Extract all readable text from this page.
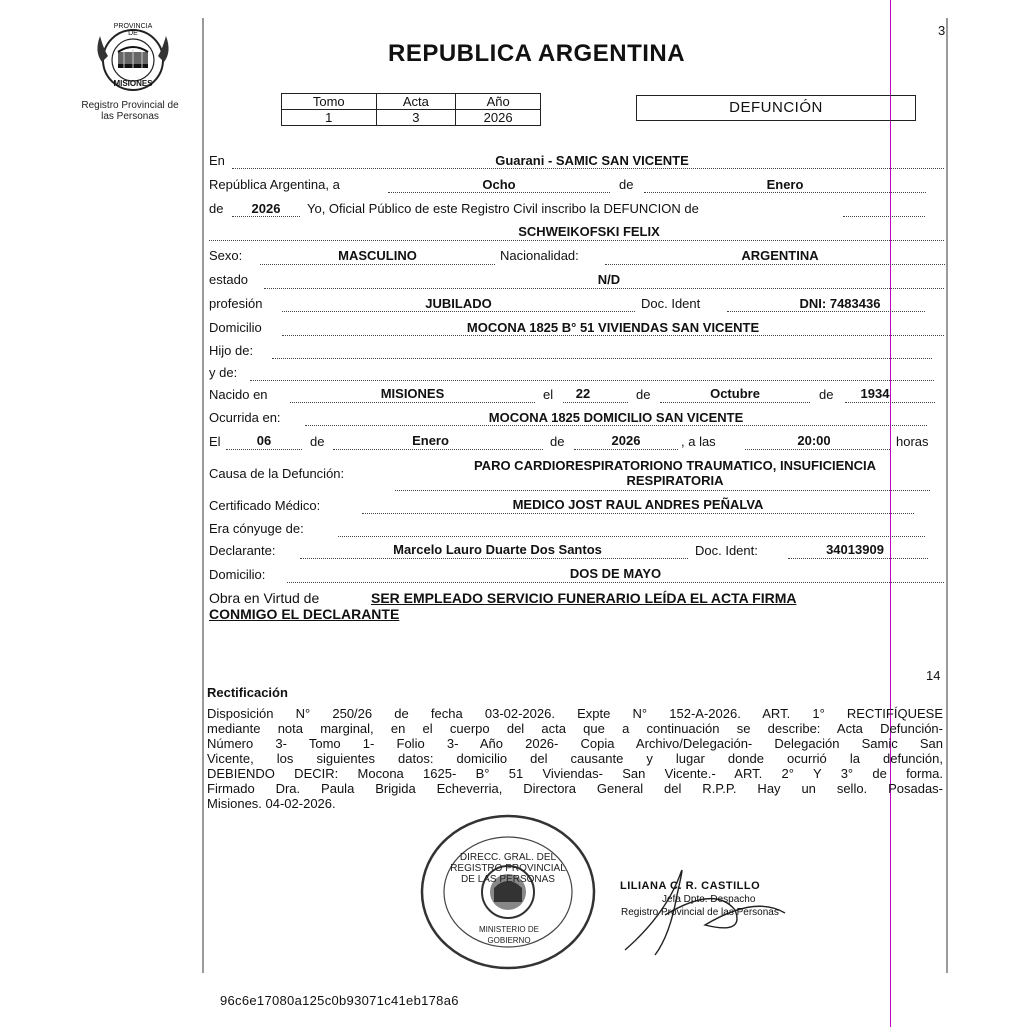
3
PROVINCIA DE
MISIONES
Registro Provincial de
las Personas
REPUBLICA ARGENTINA
Tomo	Acta	Año
1	3	2026
DEFUNCIÓN
En	Guarani - SAMIC SAN VICENTE
República Argentina, a	Ocho	de	Enero
de	2026	Yo, Oficial Público de este Registro Civil inscribo la DEFUNCION de
SCHWEIKOFSKI FELIX
Sexo:	MASCULINO	Nacionalidad:	ARGENTINA
estado	N/D
profesión	JUBILADO	Doc. Ident	DNI: 7483436
Domicilio	MOCONA 1825 B° 51 VIVIENDAS SAN VICENTE
Hijo de:
y de:
Nacido en	MISIONES	el	22	de	Octubre	de	1934
Ocurrida en:	MOCONA 1825 DOMICILIO SAN VICENTE
El	06	de	Enero	de	2026	, a las	20:00	horas
Causa de la Defunción:
PARO CARDIORESPIRATORIONO TRAUMATICO, INSUFICIENCIA
RESPIRATORIA
Certificado Médico:	MEDICO JOST RAUL ANDRES PEÑALVA
Era cónyuge de:
Declarante:	Marcelo Lauro Duarte Dos Santos	Doc. Ident:	34013909
Domicilio:	DOS DE MAYO
Obra en Virtud de	SER EMPLEADO SERVICIO FUNERARIO LEÍDA EL ACTA FIRMA
CONMIGO EL DECLARANTE
14
Rectificación
Disposición N° 250/26 de fecha 03-02-2026. Expte N° 152-A-2026. ART. 1° RECTIFÍQUESE
mediante nota marginal, en el cuerpo del acta que a continuación se describe: Acta Defunción-
Número 3- Tomo 1- Folio 3- Año 2026- Copia Archivo/Delegación- Delegación Samic San
Vicente, los siguientes datos: domicilio del causante y lugar donde ocurrió la defunción,
DEBIENDO DECIR: Mocona 1625- B° 51 Viviendas- San Vicente.- ART. 2° Y 3° de forma.
Firmado Dra. Paula Brigida Echeverria, Directora General del R.P.P. Hay un sello. Posadas-
Misiones. 04-02-2026.
DIRECC. GRAL. DEL REGISTRO PROVINCIAL DE LAS PERSONAS
MINISTERIO DE GOBIERNO
LILIANA C. R. CASTILLO
Jefa Dpto. Despacho
Registro Provincial de las Personas
96c6e17080a125c0b93071c41eb178a6
